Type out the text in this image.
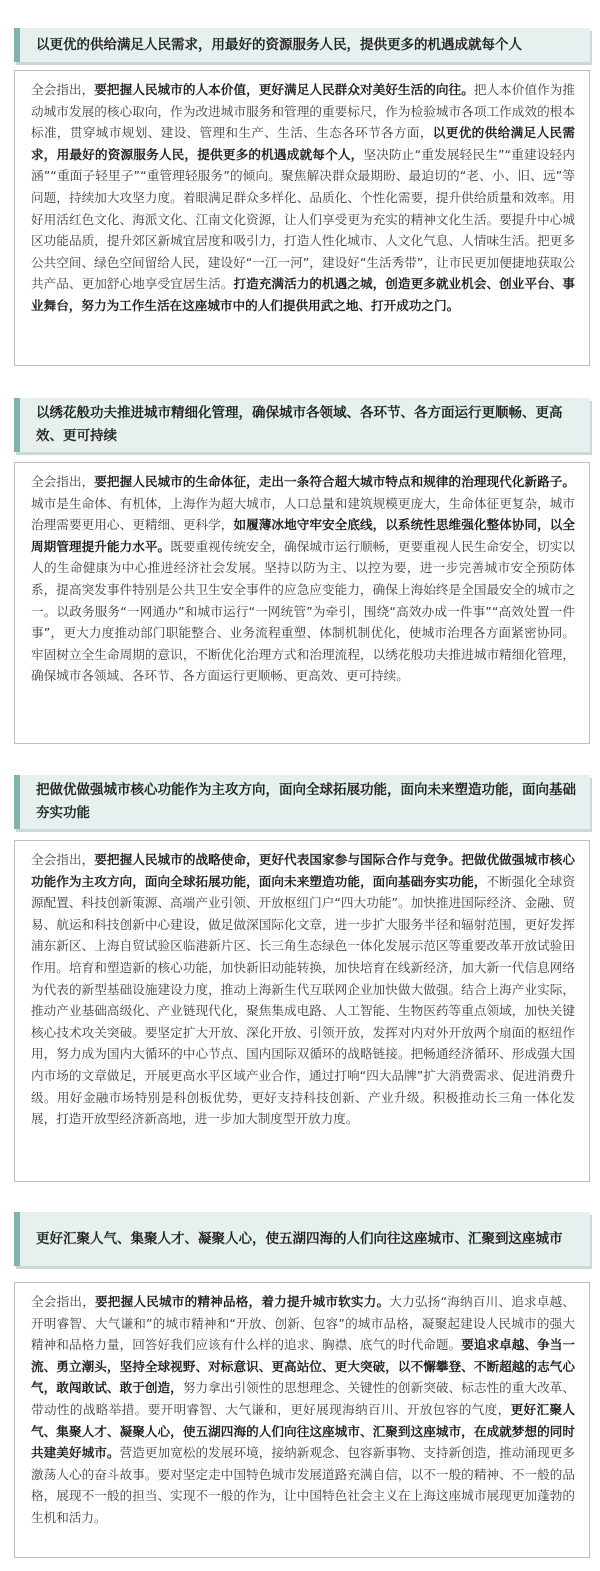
以更优的供给满足人民需求，用最好的资源服务人民，提供更多的机遇成就每个人
全会指出，要把握人民城市的人本价值，更好满足人民群众对美好生活的向往。把人本价值作为推动城市发展的核心取向，作为改进城市服务和管理的重要标尺，作为检验城市各项工作成效的根本标准，贯穿城市规划、建设、管理和生产、生活、生态各环节各方面，以更优的供给满足人民需求，用最好的资源服务人民，提供更多的机遇成就每个人，坚决防止“重发展轻民生”“重建设轻内涵”“重面子轻里子”“重管理轻服务”的倾向。聚焦解决群众最期盼、最迫切的“老、小、旧、远”等问题，持续加大攻坚力度。着眼满足群众多样化、品质化、个性化需要，提升供给质量和效率。用好用活红色文化、海派文化、江南文化资源，让人们享受更为充实的精神文化生活。要提升中心城区功能品质，提升郊区新城宜居度和吸引力，打造人性化城市、人文化气息、人情味生活。把更多公共空间、绿色空间留给人民，建设好“一江一河”，建设好“生活秀带”，让市民更加便捷地获取公共产品、更加舒心地享受宜居生活。打造充满活力的机遇之城，创造更多就业机会、创业平台、事业舞台，努力为工作生活在这座城市中的人们提供用武之地、打开成功之门。
以绣花般功夫推进城市精细化管理，确保城市各领域、各环节、各方面运行更顺畅、更高效、更可持续
全会指出，要把握人民城市的生命体征，走出一条符合超大城市特点和规律的治理现代化新路子。城市是生命体、有机体，上海作为超大城市，人口总量和建筑规模更庞大，生命体征更复杂，城市治理需要更用心、更精细、更科学，如履薄冰地守牢安全底线，以系统性思维强化整体协同，以全周期管理提升能力水平。既要重视传统安全，确保城市运行顺畅，更要重视人民生命安全，切实以人的生命健康为中心推进经济社会发展。坚持以防为主、以控为要，进一步完善城市安全预防体系，提高突发事件特别是公共卫生安全事件的应急应变能力，确保上海始终是全国最安全的城市之一。以政务服务“一网通办”和城市运行“一网统管”为牵引，围绕“高效办成一件事”“高效处置一件事”，更大力度推动部门职能整合、业务流程重塑、体制机制优化，使城市治理各方面紧密协同。牢固树立全生命周期的意识，不断优化治理方式和治理流程，以绣花般功夫推进城市精细化管理，确保城市各领域、各环节、各方面运行更顺畅、更高效、更可持续。
把做优做强城市核心功能作为主攻方向，面向全球拓展功能，面向未来塑造功能，面向基础夯实功能
全会指出，要把握人民城市的战略使命，更好代表国家参与国际合作与竞争。把做优做强城市核心功能作为主攻方向，面向全球拓展功能，面向未来塑造功能，面向基础夯实功能，不断强化全球资源配置、科技创新策源、高端产业引领、开放枢纽门户“四大功能”。加快推进国际经济、金融、贸易、航运和科技创新中心建设，做足做深国际化文章，进一步扩大服务半径和辐射范围，更好发挥浦东新区、上海自贸试验区临港新片区、长三角生态绿色一体化发展示范区等重要改革开放试验田作用。培育和塑造新的核心功能，加快新旧动能转换，加快培育在线新经济，加大新一代信息网络为代表的新型基础设施建设力度，推动上海新生代互联网企业加快做大做强。结合上海产业实际，推动产业基础高级化、产业链现代化，聚焦集成电路、人工智能、生物医药等重点领域，加快关键核心技术攻关突破。要坚定扩大开放、深化开放、引领开放，发挥对内对外开放两个扇面的枢纽作用，努力成为国内大循环的中心节点、国内国际双循环的战略链接。把畅通经济循环、形成强大国内市场的文章做足，开展更高水平区域产业合作，通过打响“四大品牌”扩大消费需求、促进消费升级。用好金融市场特别是科创板优势，更好支持科技创新、产业升级。积极推动长三角一体化发展，打造开放型经济新高地，进一步加大制度型开放力度。
更好汇聚人气、集聚人才、凝聚人心，使五湖四海的人们向往这座城市、汇聚到这座城市
全会指出，要把握人民城市的精神品格，着力提升城市软实力。大力弘扬“海纳百川、追求卓越、开明睿智、大气谦和”的城市精神和“开放、创新、包容”的城市品格，凝聚起建设人民城市的强大精神和品格力量，回答好我们应该有什么样的追求、胸襟、底气的时代命题。要追求卓越、争当一流、勇立潮头，坚持全球视野、对标意识、更高站位、更大突破，以不懈攀登、不断超越的志气心气，敢闯敢试、敢于创造，努力拿出引领性的思想理念、关键性的创新突破、标志性的重大改革、带动性的战略举措。要开明睿智、大气谦和，更好展现海纳百川、开放包容的气度，更好汇聚人气、集聚人才、凝聚人心，使五湖四海的人们向往这座城市、汇聚到这座城市，在成就梦想的同时共建美好城市。营造更加宽松的发展环境，接纳新观念、包容新事物、支持新创造，推动涌现更多激荡人心的奋斗故事。要对坚定走中国特色城市发展道路充满自信，以不一般的精神、不一般的品格，展现不一般的担当、实现不一般的作为，让中国特色社会主义在上海这座城市展现更加蓬勃的生机和活力。
